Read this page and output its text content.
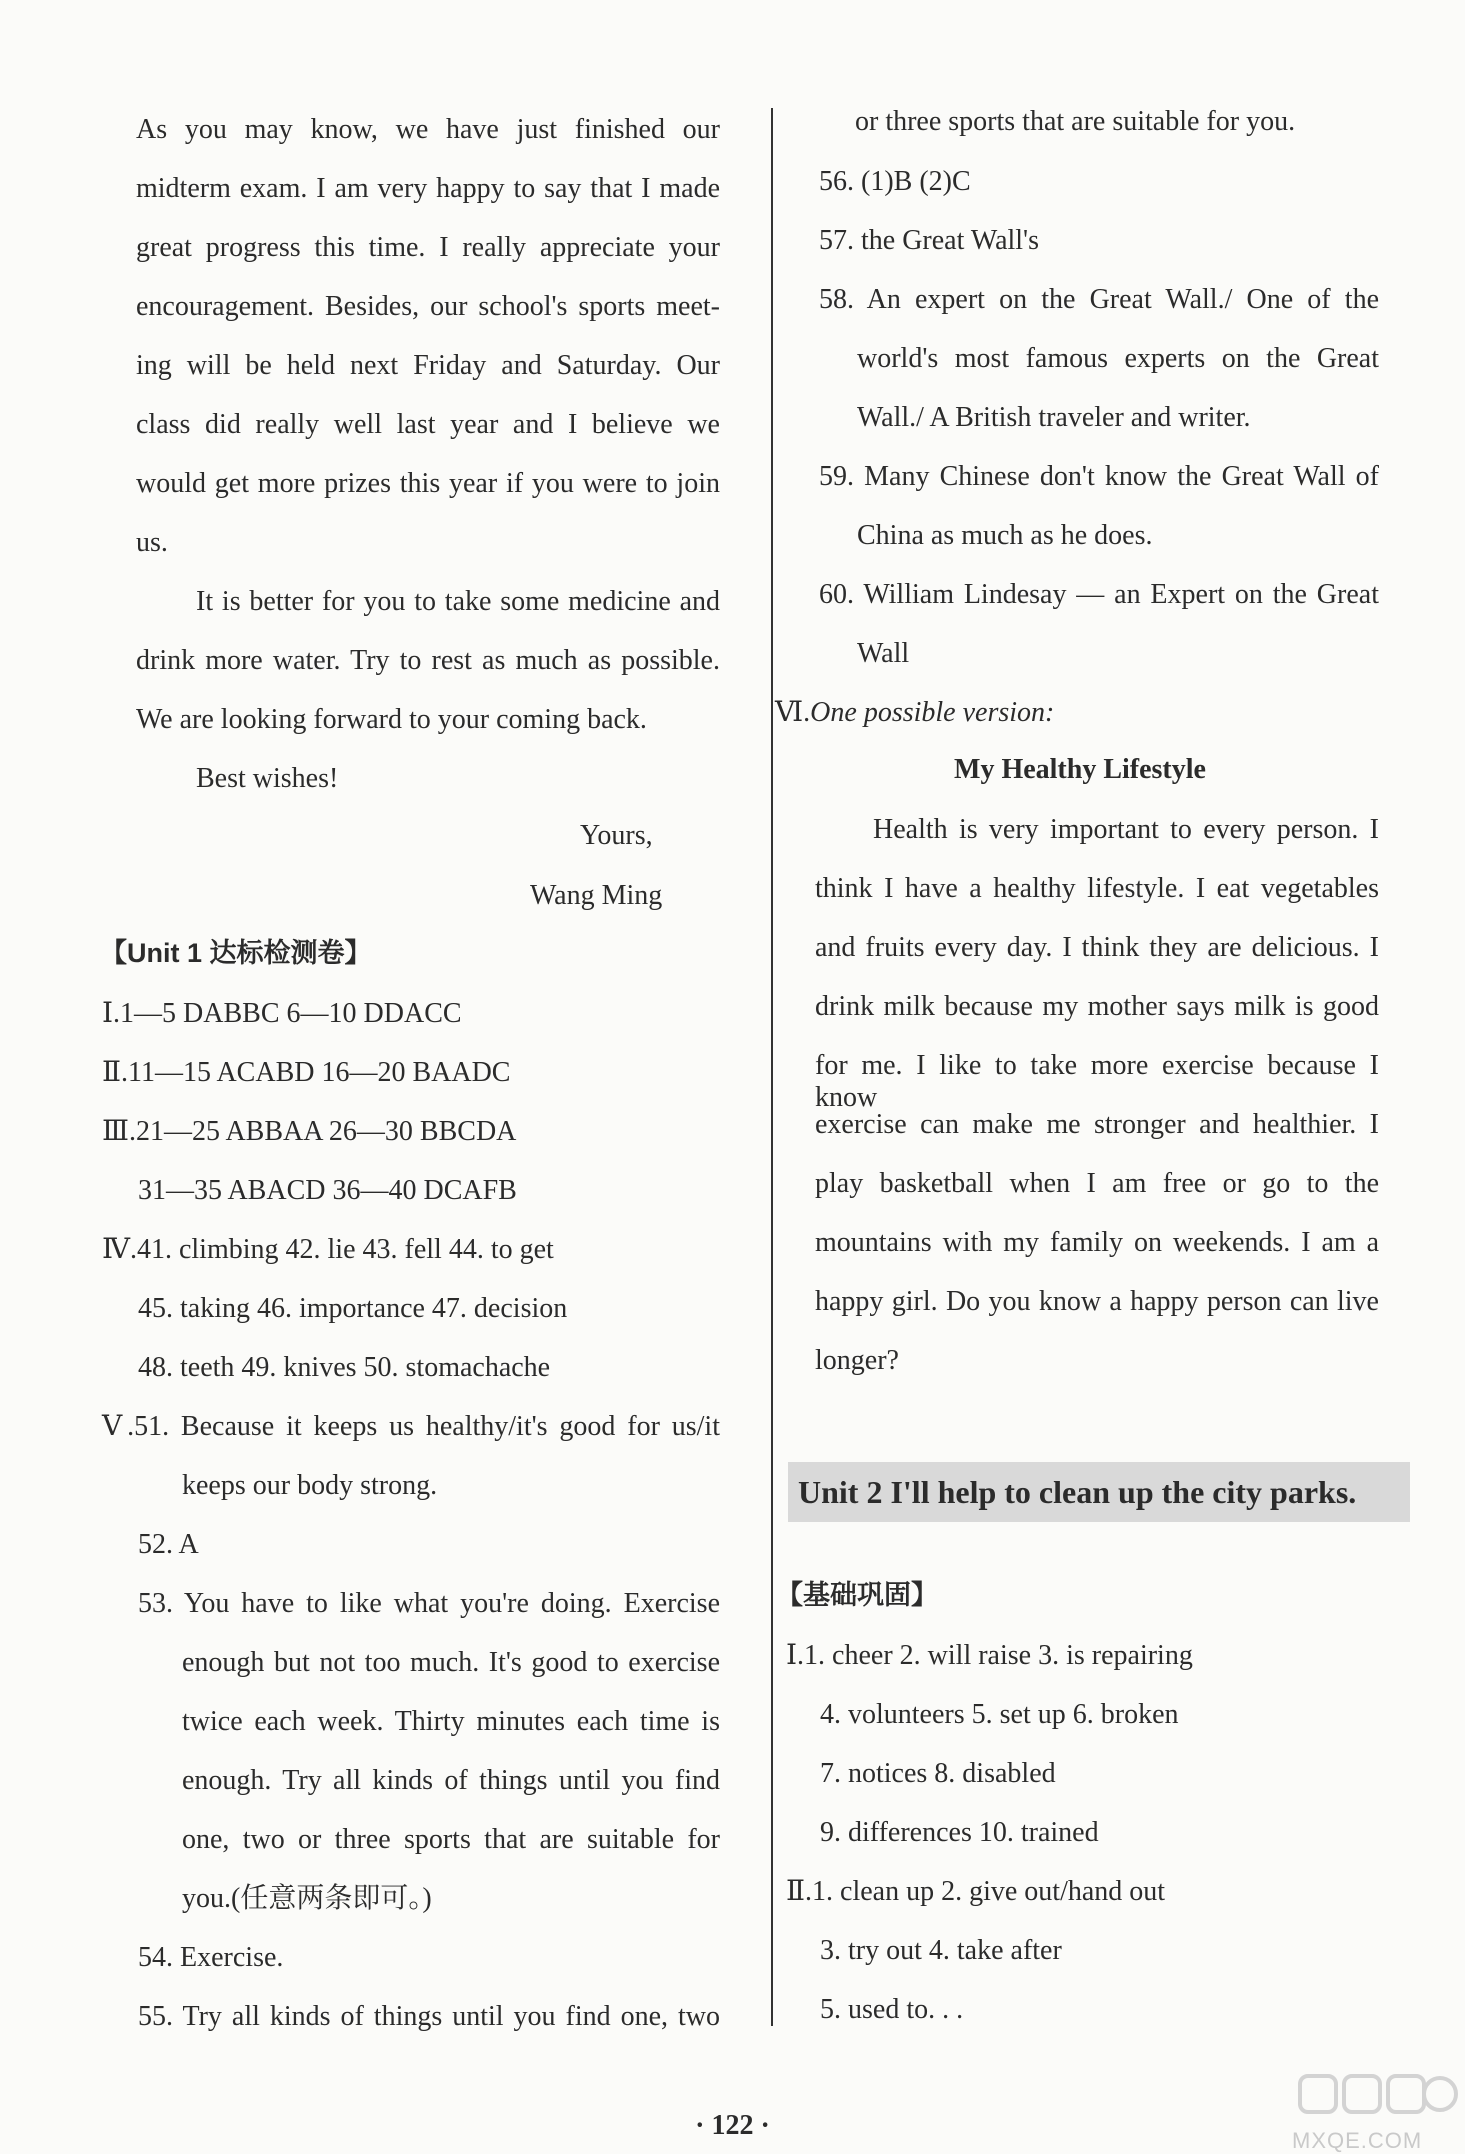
As you may know, we have just finished our
midterm exam. I am very happy to say that I made
great progress this time. I really appreciate your
encouragement. Besides, our school's sports meet-
ing will be held next Friday and Saturday. Our
class did really well last year and I believe we
would get more prizes this year if you were to join
us.
It is better for you to take some medicine and
drink more water. Try to rest as much as possible.
We are looking forward to your coming back.
Best wishes!
Yours,
Wang Ming
【Unit 1 达标检测卷】
Ⅰ.1—5 DABBC 6—10 DDACC
Ⅱ.11—15 ACABD 16—20 BAADC
Ⅲ.21—25 ABBAA 26—30 BBCDA
31—35 ABACD 36—40 DCAFB
Ⅳ.41. climbing 42. lie 43. fell 44. to get
45. taking 46. importance 47. decision
48. teeth 49. knives 50. stomachache
Ⅴ.51. Because it keeps us healthy/it's good for us/it
keeps our body strong.
52. A
53. You have to like what you're doing. Exercise
enough but not too much. It's good to exercise
twice each week. Thirty minutes each time is
enough. Try all kinds of things until you find
one, two or three sports that are suitable for
you.(任意两条即可。)
54. Exercise.
55. Try all kinds of things until you find one, two
or three sports that are suitable for you.
56. (1)B (2)C
57. the Great Wall's
58. An expert on the Great Wall./ One of the
world's most famous experts on the Great
Wall./ A British traveler and writer.
59. Many Chinese don't know the Great Wall of
China as much as he does.
60. William Lindesay — an Expert on the Great
Wall
Ⅵ.One possible version:
My Healthy Lifestyle
Health is very important to every person. I
think I have a healthy lifestyle. I eat vegetables
and fruits every day. I think they are delicious. I
drink milk because my mother says milk is good
for me. I like to take more exercise because I know
exercise can make me stronger and healthier. I
play basketball when I am free or go to the
mountains with my family on weekends. I am a
happy girl. Do you know a happy person can live
longer?
Unit 2 I'll help to clean up the city parks.
【基础巩固】
Ⅰ.1. cheer 2. will raise 3. is repairing
4. volunteers 5. set up 6. broken
7. notices 8. disabled
9. differences 10. trained
Ⅱ.1. clean up 2. give out/hand out
3. try out 4. take after
5. used to. . .
· 122 ·	MXQE.COM
